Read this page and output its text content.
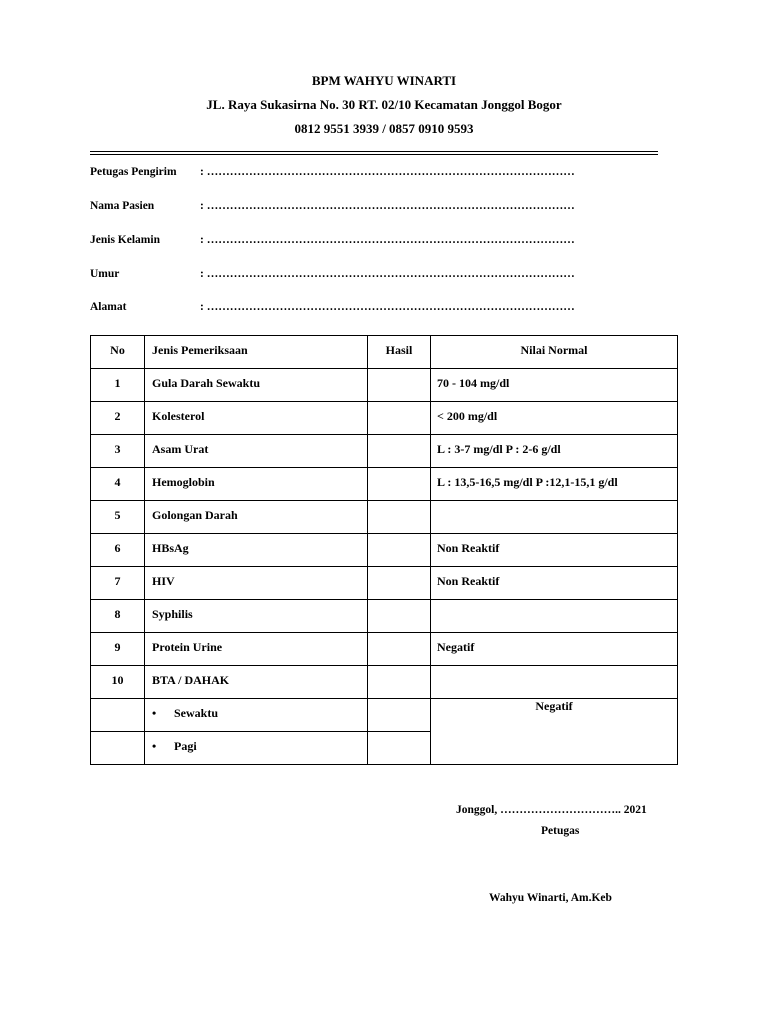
BPM WAHYU WINARTI
JL. Raya Sukasirna No. 30 RT. 02/10 Kecamatan Jonggol Bogor
0812 9551 3939 / 0857 0910 9593
Petugas Pengirim : ……………………………………………………………………………………
Nama Pasien	: ……………………………………………………………………………………
Jenis Kelamin	: ……………………………………………………………………………………
Umur	: ……………………………………………………………………………………
Alamat	: ……………………………………………………………………………………
No	Jenis Pemeriksaan	Hasil	Nilai Normal

1	Gula Darah Sewaktu		70 - 104 mg/dl

2	Kolesterol		< 200 mg/dl

3	Asam Urat		L : 3-7 mg/dl P : 2-6 g/dl

4	Hemoglobin		L : 13,5-16,5 mg/dl P :12,1-15,1 g/dl

5	Golongan Darah		

6	HBsAg		Non Reaktif

7	HIV		Non Reaktif

8	Syphilis		

9	Protein Urine		Negatif

10	BTA / DAHAK		

	• Sewaktu		Negatif

	• Pagi

Jonggol, ………………………….. 2021
Petugas
Wahyu Winarti, Am.Keb
